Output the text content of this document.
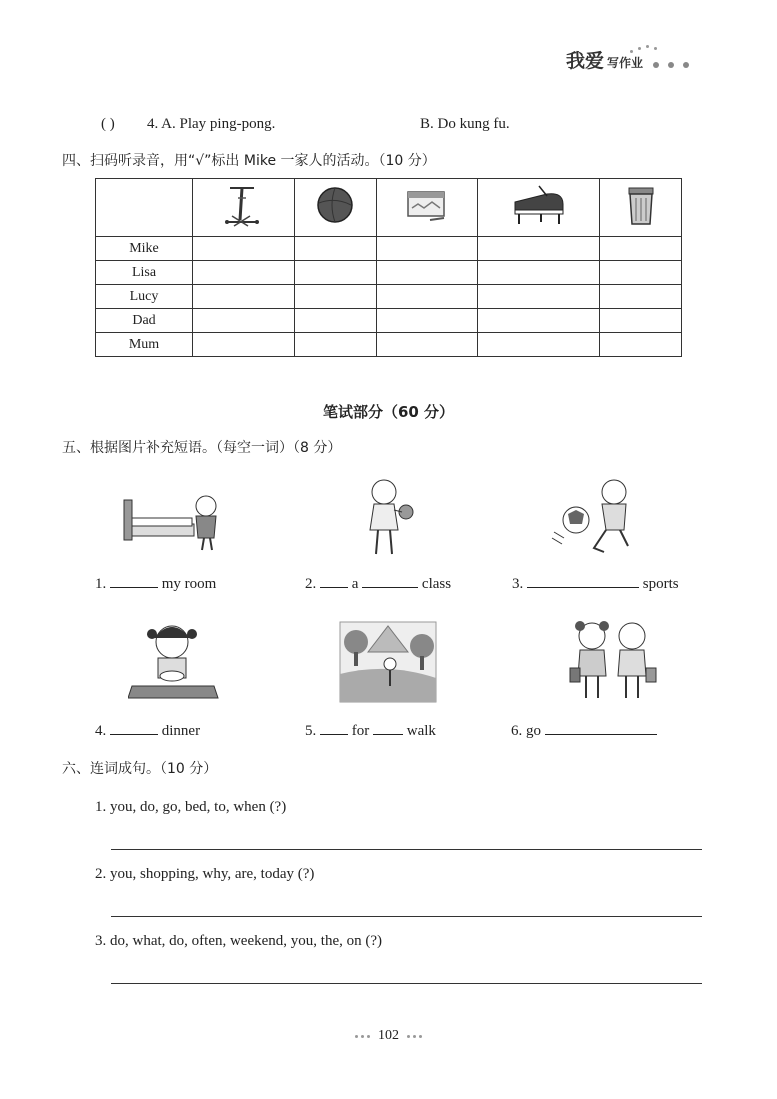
我爱 写作业
( ) 4. A. Play ping-pong.	B. Do kung fu.
四、扫码听录音，用“√”标出 Mike 一家人的活动。（10 分）

Mike					
Lisa					
Lucy					
Dad					
Mum					
笔试部分（60 分）
五、根据图片补充短语。（每空一词）（8 分）
1.	my room	2. a	class	3.	sports
4.	dinner	5. for	walk	6. go
六、连词成句。（10 分）
1. you, do, go, bed, to, when (?)
2. you, shopping, why, are, today (?)
3. do, what, do, often, weekend, you, the, on (?)
102
